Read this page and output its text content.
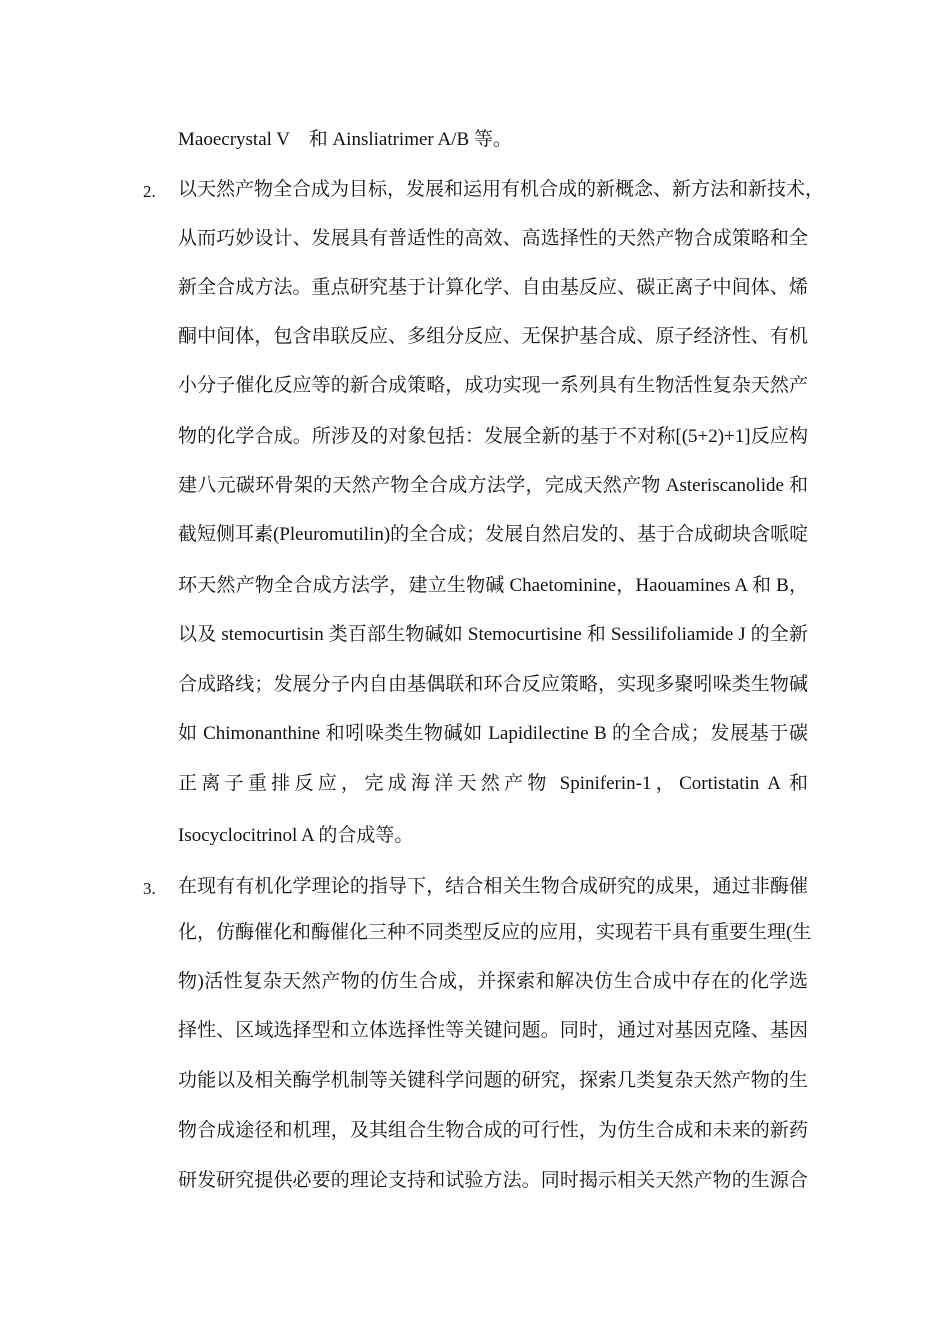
Maoecrystal V　和 Ainsliatrimer A/B 等。
2. 以天然产物全合成为目标，发展和运用有机合成的新概念、新方法和新技术，
从而巧妙设计、发展具有普适性的高效、高选择性的天然产物合成策略和全
新全合成方法。重点研究基于计算化学、自由基反应、碳正离子中间体、烯
酮中间体，包含串联反应、多组分反应、无保护基合成、原子经济性、有机
小分子催化反应等的新合成策略，成功实现一系列具有生物活性复杂天然产
物的化学合成。所涉及的对象包括：发展全新的基于不对称[(5+2)+1]反应构
建八元碳环骨架的天然产物全合成方法学，完成天然产物 Asteriscanolide 和
截短侧耳素(Pleuromutilin)的全合成；发展自然启发的、基于合成砌块含哌啶
环天然产物全合成方法学，建立生物碱 Chaetominine，Haouamines A 和 B，
以及 stemocurtisin 类百部生物碱如 Stemocurtisine 和 Sessilifoliamide J 的全新
合成路线；发展分子内自由基偶联和环合反应策略，实现多聚吲哚类生物碱
如 Chimonanthine 和吲哚类生物碱如 Lapidilectine B 的全合成；发展基于碳
正离子重排反应，完成海洋天然产物 Spiniferin-1，Cortistatin A 和
Isocyclocitrinol A 的合成等。
3. 在现有有机化学理论的指导下，结合相关生物合成研究的成果，通过非酶催
化，仿酶催化和酶催化三种不同类型反应的应用，实现若干具有重要生理(生
物)活性复杂天然产物的仿生合成，并探索和解决仿生合成中存在的化学选
择性、区域选择型和立体选择性等关键问题。同时，通过对基因克隆、基因
功能以及相关酶学机制等关键科学问题的研究，探索几类复杂天然产物的生
物合成途径和机理，及其组合生物合成的可行性，为仿生合成和未来的新药
研发研究提供必要的理论支持和试验方法。同时揭示相关天然产物的生源合
